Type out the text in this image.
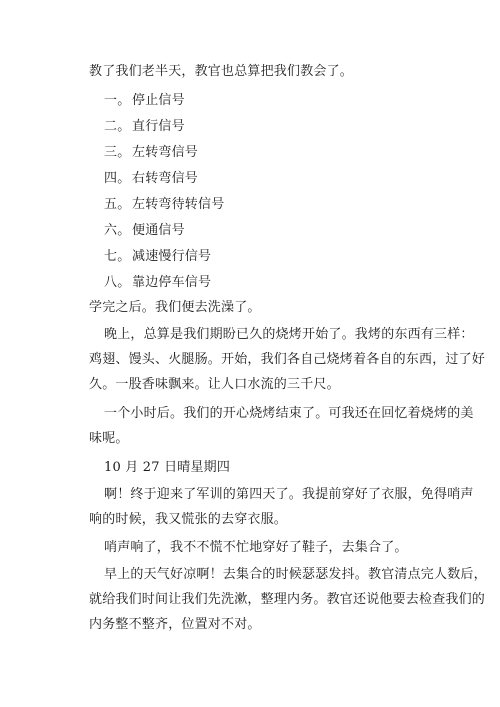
教了我们老半天，教官也总算把我们教会了。
一。 停止信号
二。 直行信号
三。 左转弯信号
四。 右转弯信号
五。 左转弯待转信号
六。 便通信号
七。 减速慢行信号
八。 靠边停车信号
学完之后。我们便去洗澡了。
晚上，总算是我们期盼已久的烧烤开始了。我烤的东西有三样：
鸡翅、馒头、火腿肠。开始，我们各自己烧烤着各自的东西，过了好
久。一股香味飘来。让人口水流的三千尺。
一个小时后。我们的开心烧烤结束了。可我还在回忆着烧烤的美
味呢。
10 月 27 日晴星期四
啊！终于迎来了军训的第四天了。我提前穿好了衣服，免得哨声
响的时候，我又慌张的去穿衣服。
哨声响了，我不不慌不忙地穿好了鞋子，去集合了。
早上的天气好凉啊！去集合的时候瑟瑟发抖。教官清点完人数后，
就给我们时间让我们先洗漱，整理内务。教官还说他要去检查我们的
内务整不整齐，位置对不对。
